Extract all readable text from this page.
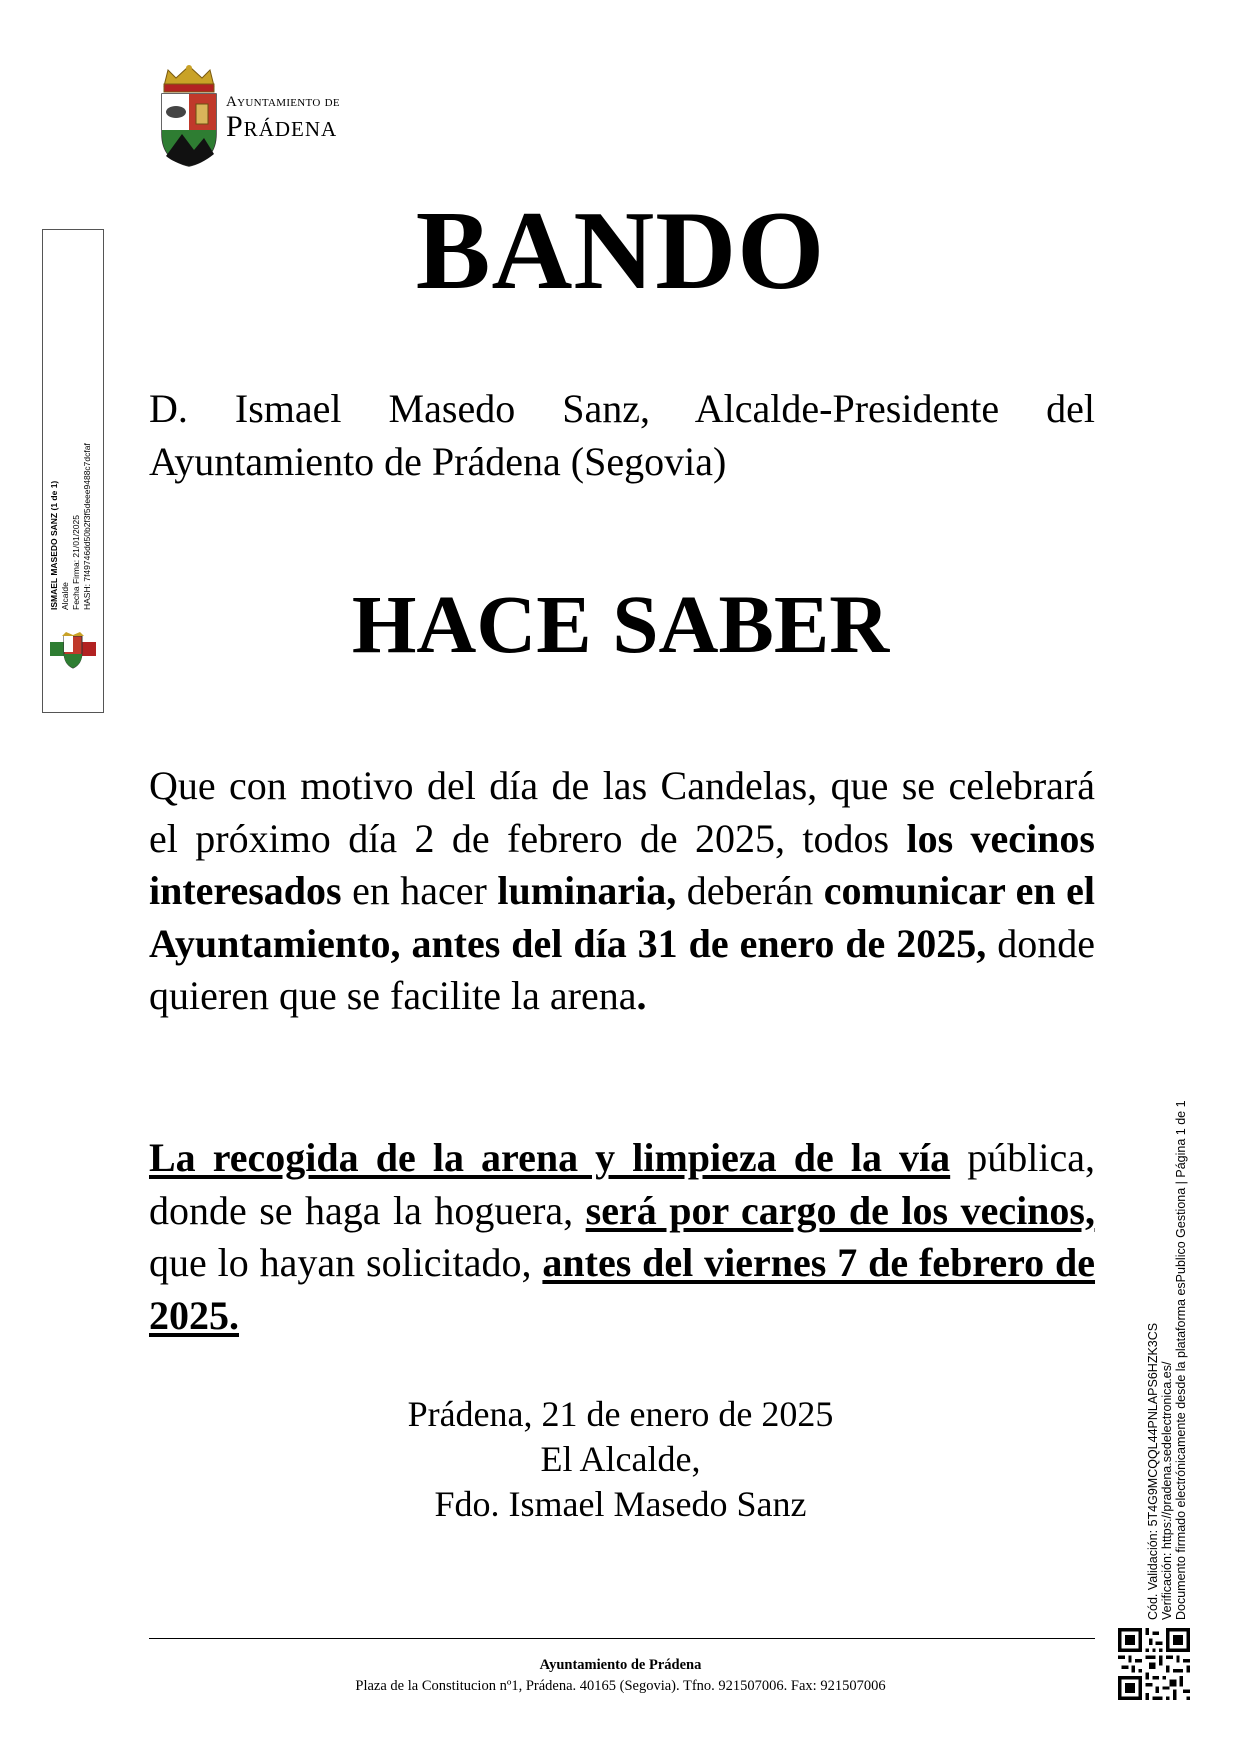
Ayuntamiento de
Prádena
ISMAEL MASEDO SANZ (1 de 1) Alcalde Fecha Firma: 21/01/2025 HASH: 7f49746dd50b2f3f5deee9488c7dcfaf
BANDO

D. Ismael Masedo Sanz, Alcalde-Presidente del Ayuntamiento de Prádena (Segovia)

HACE SABER

Que con motivo del día de las Candelas, que se celebrará el próximo día 2 de febrero de 2025, todos los vecinos interesados en hacer luminaria, deberán comunicar en el Ayuntamiento, antes del día 31 de enero de 2025, donde quieren que se facilite la arena.

La recogida de la arena y limpieza de la vía pública, donde se haga la hoguera, será por cargo de los vecinos, que lo hayan solicitado, antes del viernes 7 de febrero de 2025.

Prádena, 21 de enero de 2025
El Alcalde,
Fdo. Ismael Masedo Sanz
Ayuntamiento de Prádena
Plaza de la Constitucion nº1, Prádena. 40165 (Segovia). Tfno. 921507006. Fax: 921507006
Cód. Validación: 5T4G9MCQQL44PNLAPS6HZK3CS Verificación: https://pradena.sedelectronica.es/ Documento firmado electrónicamente desde la plataforma esPublico Gestiona | Página 1 de 1
